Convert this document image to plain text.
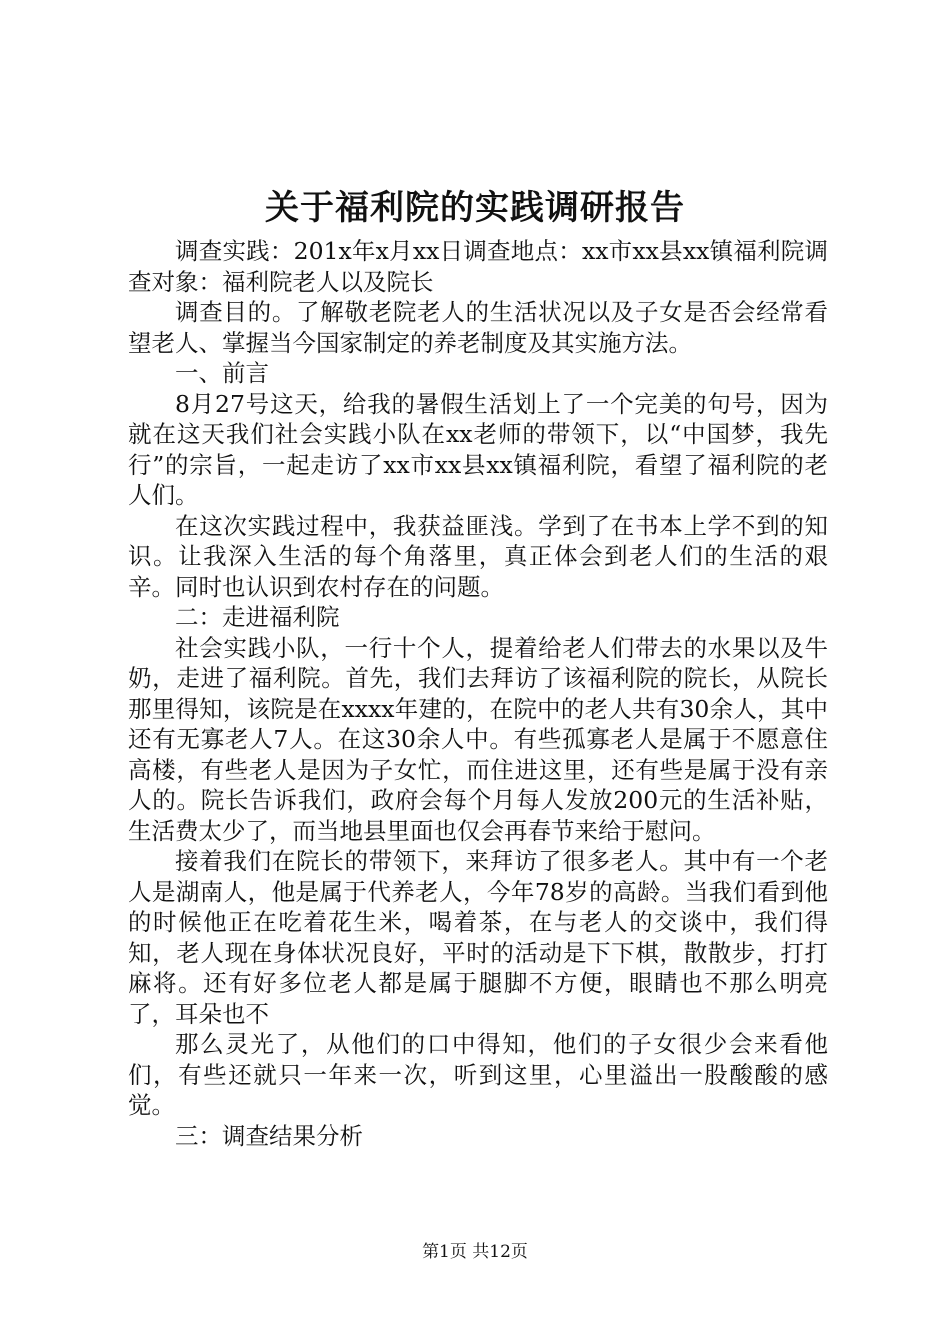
关于福利院的实践调研报告

调查实践：201x年x月xx日调查地点：xx市xx县xx镇福利院调查对象：福利院老人以及院长

调查目的。了解敬老院老人的生活状况以及子女是否会经常看望老人、掌握当今国家制定的养老制度及其实施方法。

一、前言

8月27号这天，给我的暑假生活划上了一个完美的句号，因为就在这天我们社会实践小队在xx老师的带领下，以“中国梦，我先行”的宗旨，一起走访了xx市xx县xx镇福利院，看望了福利院的老人们。

在这次实践过程中，我获益匪浅。学到了在书本上学不到的知识。让我深入生活的每个角落里，真正体会到老人们的生活的艰辛。同时也认识到农村存在的问题。

二：走进福利院

社会实践小队，一行十个人，提着给老人们带去的水果以及牛奶，走进了福利院。首先，我们去拜访了该福利院的院长，从院长那里得知，该院是在xxxx年建的，在院中的老人共有30余人，其中还有无寡老人7人。在这30余人中。有些孤寡老人是属于不愿意住高楼，有些老人是因为子女忙，而住进这里，还有些是属于没有亲人的。院长告诉我们，政府会每个月每人发放200元的生活补贴，生活费太少了，而当地县里面也仅会再春节来给于慰问。

接着我们在院长的带领下，来拜访了很多老人。其中有一个老人是湖南人，他是属于代养老人，今年78岁的高龄。当我们看到他的时候他正在吃着花生米，喝着茶，在与老人的交谈中，我们得知，老人现在身体状况良好，平时的活动是下下棋，散散步，打打麻将。还有好多位老人都是属于腿脚不方便，眼睛也不那么明亮了，耳朵也不

那么灵光了，从他们的口中得知，他们的子女很少会来看他们，有些还就只一年来一次，听到这里，心里溢出一股酸酸的感觉。

三：调查结果分析

第1页 共12页
